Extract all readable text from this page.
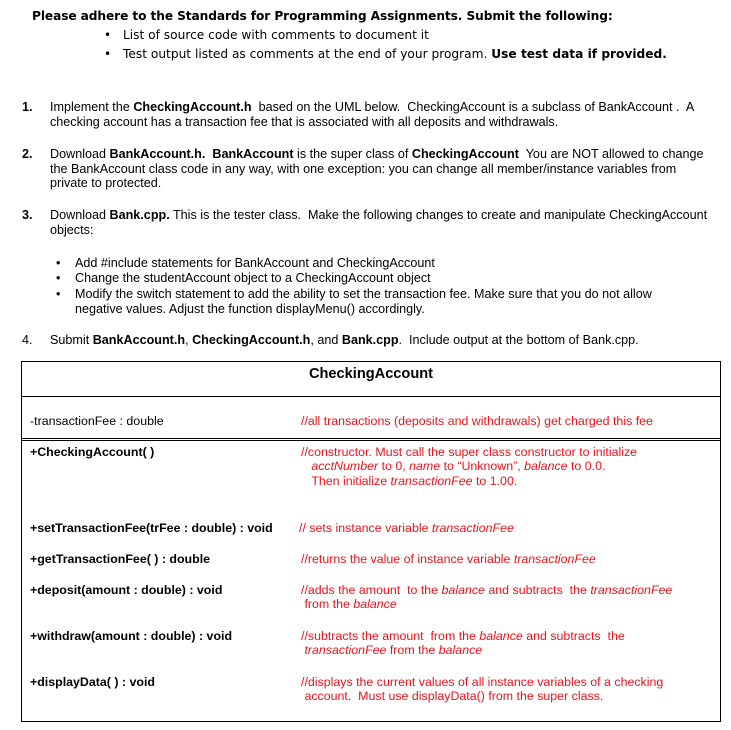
Please adhere to the Standards for Programming Assignments. Submit the following:
• List of source code with comments to document it
• Test output listed as comments at the end of your program. Use test data if provided.
1. Implement the CheckingAccount.h  based on the UML below.  CheckingAccount is a subclass of BankAccount .  A checking account has a transaction fee that is associated with all deposits and withdrawals.
2. Download BankAccount.h. BankAccount is the super class of CheckingAccount  You are NOT allowed to change the BankAccount class code in any way, with one exception: you can change all member/instance variables from private to protected.
3. Download Bank.cpp. This is the tester class.  Make the following changes to create and manipulate CheckingAccount objects:
• Add #include statements for BankAccount and CheckingAccount
• Change the studentAccount object to a CheckingAccount object
• Modify the switch statement to add the ability to set the transaction fee. Make sure that you do not allow negative values. Adjust the function displayMenu() accordingly.
4. Submit BankAccount.h, CheckingAccount.h, and Bank.cpp.  Include output at the bottom of Bank.cpp.
CheckingAccount
-transactionFee : double	//all transactions (deposits and withdrawals) get charged this fee
+CheckingAccount( )	//constructor. Must call the super class constructor to initialize
acctNumber to 0, name to “Unknown”, balance to 0.0.
Then initialize transactionFee to 1.00.
+setTransactionFee(trFee : double) : void // sets instance variable transactionFee
+getTransactionFee( ) : double	//returns the value of instance variable transactionFee
+deposit(amount : double) : void	//adds the amount  to the balance and subtracts  the transactionFee
from the balance
+withdraw(amount : double) : void	//subtracts the amount  from the balance and subtracts  the
transactionFee from the balance
+displayData( ) : void	//displays the current values of all instance variables of a checking
account.  Must use displayData() from the super class.
